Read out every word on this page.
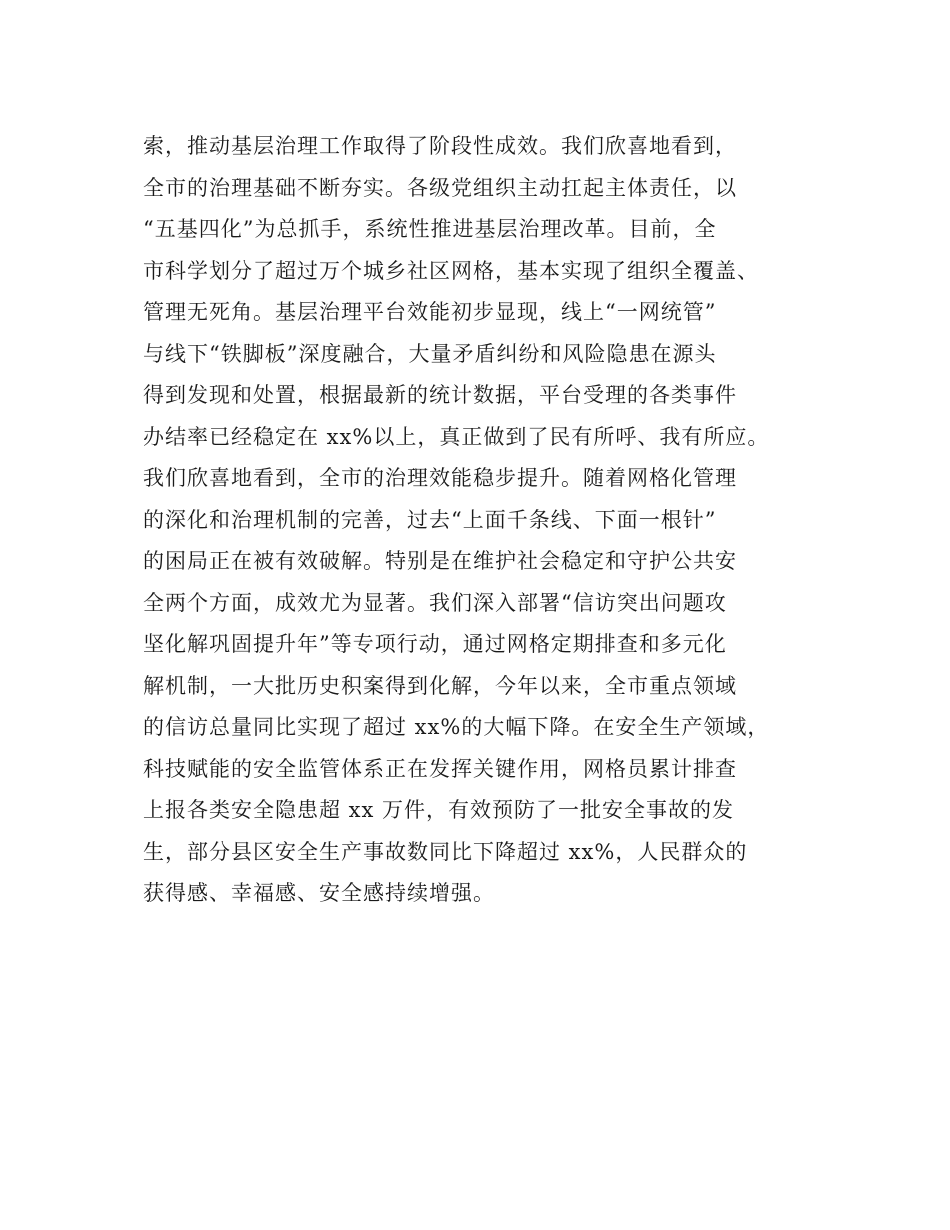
索，推动基层治理工作取得了阶段性成效。我们欣喜地看到，
全市的治理基础不断夯实。各级党组织主动扛起主体责任，以
“五基四化”为总抓手，系统性推进基层治理改革。目前，全
市科学划分了超过万个城乡社区网格，基本实现了组织全覆盖、
管理无死角。基层治理平台效能初步显现，线上“一网统管”
与线下“铁脚板”深度融合，大量矛盾纠纷和风险隐患在源头
得到发现和处置，根据最新的统计数据，平台受理的各类事件
办结率已经稳定在 xx%以上，真正做到了民有所呼、我有所应。
我们欣喜地看到，全市的治理效能稳步提升。随着网格化管理
的深化和治理机制的完善，过去“上面千条线、下面一根针”
的困局正在被有效破解。特别是在维护社会稳定和守护公共安
全两个方面，成效尤为显著。我们深入部署“信访突出问题攻
坚化解巩固提升年”等专项行动，通过网格定期排查和多元化
解机制，一大批历史积案得到化解，今年以来，全市重点领域
的信访总量同比实现了超过 xx%的大幅下降。在安全生产领域，
科技赋能的安全监管体系正在发挥关键作用，网格员累计排查
上报各类安全隐患超 xx 万件，有效预防了一批安全事故的发
生，部分县区安全生产事故数同比下降超过 xx%，人民群众的
获得感、幸福感、安全感持续增强。
